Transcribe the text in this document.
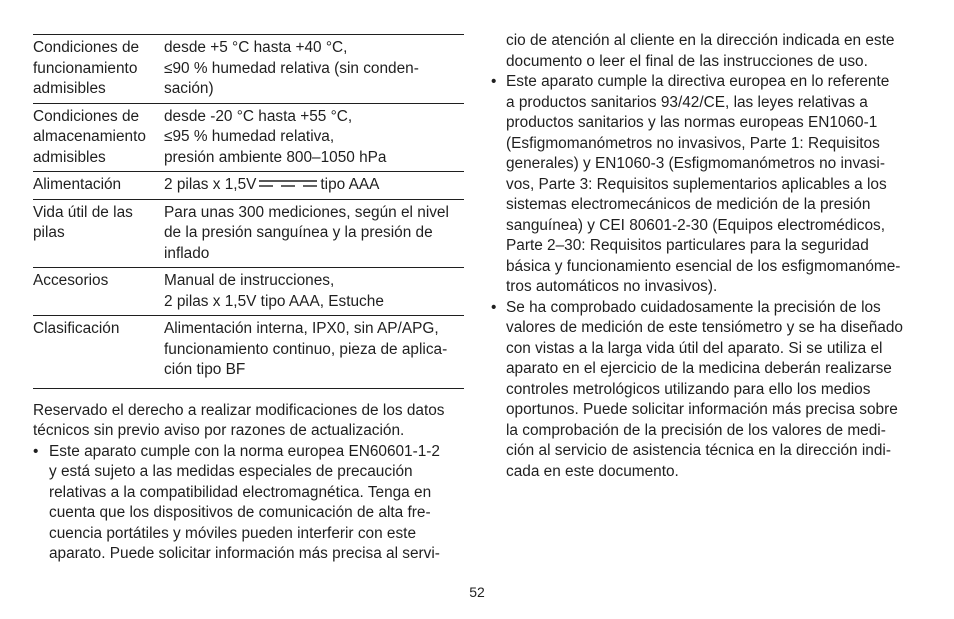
Condiciones de
funcionamiento
admisibles	desde +5 °C hasta +40 °C,
≤90 % humedad relativa (sin conden-
sación)

Condiciones de
almacenamiento
admisibles	desde -20 °C hasta +55 °C,
≤95 % humedad relativa,
presión ambiente 800–1050 hPa

Alimentación	2 pilas x 1,5V tipo AAA

Vida útil de las
pilas	Para unas 300 mediciones, según el nivel
de la presión sanguínea y la presión de
inflado

Accesorios	Manual de instrucciones,
2 pilas x 1,5V tipo AAA, Estuche

Clasificación	Alimentación interna, IPX0, sin AP/APG,
funcionamiento continuo, pieza de aplica-
ción tipo BF

Reservado el derecho a realizar modificaciones de los datos
técnicos sin previo aviso por razones de actualización.

• Este aparato cumple con la norma europea EN60601-1-2
y está sujeto a las medidas especiales de precaución
relativas a la compatibilidad electromagnética. Tenga en
cuenta que los dispositivos de comunicación de alta fre-
cuencia portátiles y móviles pueden interferir con este
aparato. Puede solicitar información más precisa al servi-
cio de atención al cliente en la dirección indicada en este
documento o leer el final de las instrucciones de uso.
• Este aparato cumple la directiva europea en lo referente
a productos sanitarios 93/42/CE, las leyes relativas a
productos sanitarios y las normas europeas EN1060-1
(Esfigmomanómetros no invasivos, Parte 1: Requisitos
generales) y EN1060-3 (Esfigmomanómetros no invasi-
vos, Parte 3: Requisitos suplementarios aplicables a los
sistemas electromecánicos de medición de la presión
sanguínea) y CEI 80601-2-30 (Equipos electromédicos,
Parte 2–30: Requisitos particulares para la seguridad
básica y funcionamiento esencial de los esfigmomanóme-
tros automáticos no invasivos).
• Se ha comprobado cuidadosamente la precisión de los
valores de medición de este tensiómetro y se ha diseñado
con vistas a la larga vida útil del aparato. Si se utiliza el
aparato en el ejercicio de la medicina deberán realizarse
controles metrológicos utilizando para ello los medios
oportunos. Puede solicitar información más precisa sobre
la comprobación de la precisión de los valores de medi-
ción al servicio de asistencia técnica en la dirección indi-
cada en este documento.
52
